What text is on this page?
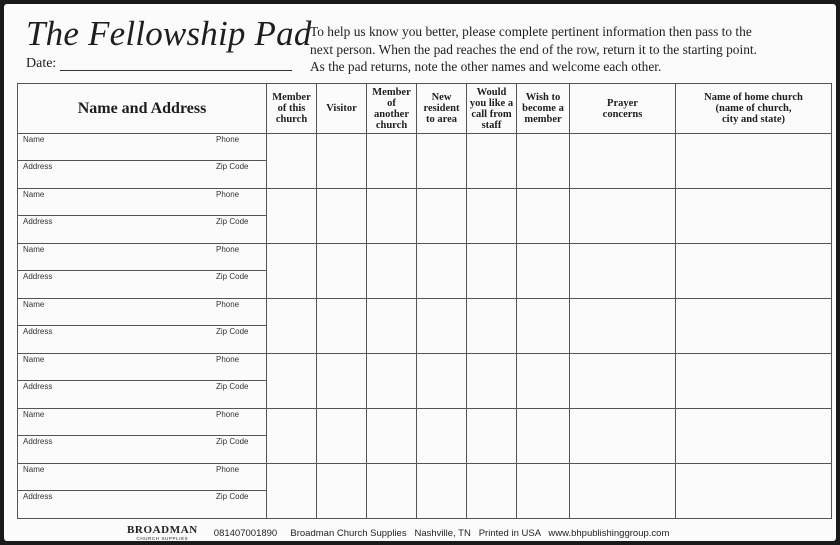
The Fellowship Pad
Date:
To help us know you better, please complete pertinent information then pass to the
next person. When the pad reaches the end of the row, return it to the starting point.
As the pad returns, note the other names and welcome each other.
Name and Address	Member
of this
church	Visitor	Member
of
another
church	New
resident
to area	Would
you like a
call from
staff	Wish to
become a
member	Prayer
concerns	Name of home church
(name of church,
city and state)

Name Phone
Address Zip Code								

Name Phone
Address Zip Code								

Name Phone
Address Zip Code								

Name Phone
Address Zip Code								

Name Phone
Address Zip Code								

Name Phone
Address Zip Code								

Name Phone
Address Zip Code								

BROADMAN
CHURCH SUPPLIES	081407001890     Broadman Church Supplies   Nashville, TN   Printed in USA   www.bhpublishinggroup.com
